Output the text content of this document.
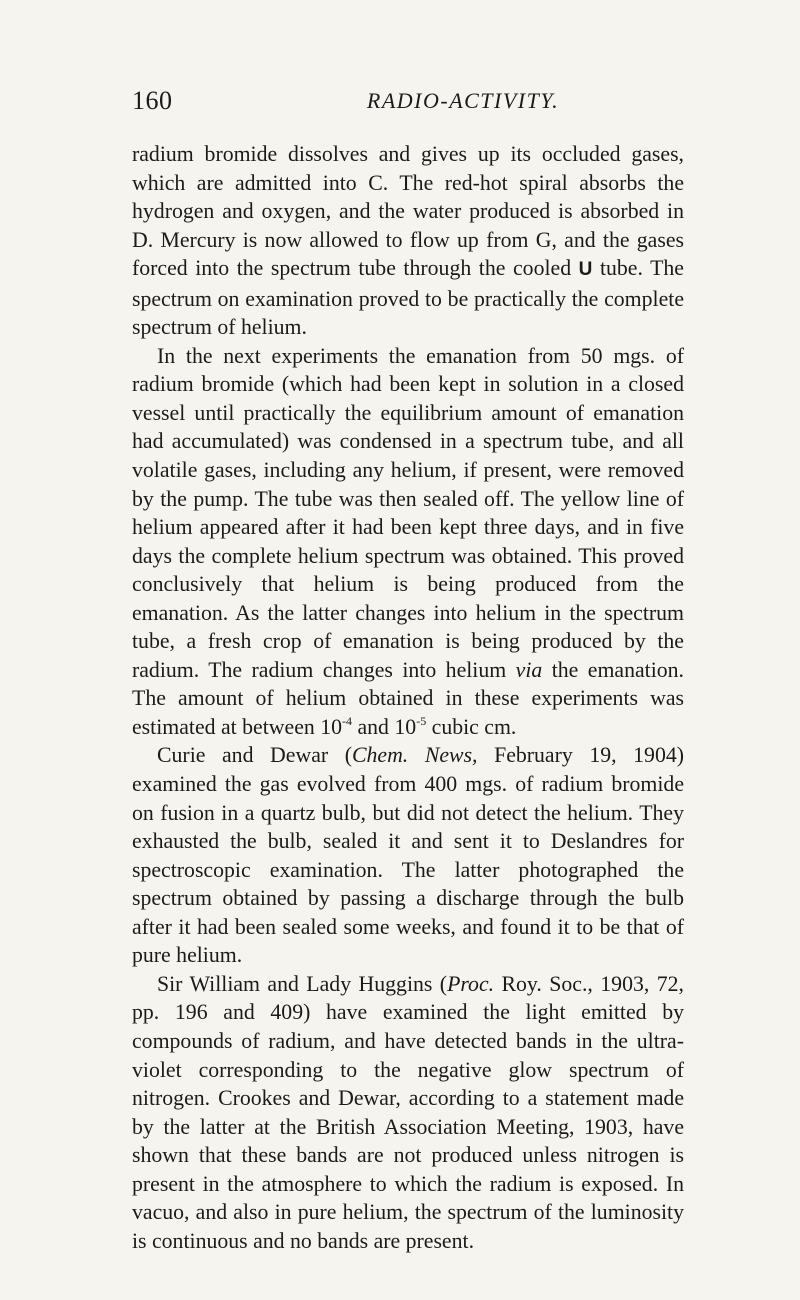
160	RADIO-ACTIVITY.

radium bromide dissolves and gives up its occluded gases, which are admitted into C. The red-hot spiral absorbs the hydrogen and oxygen, and the water produced is absorbed in D. Mercury is now allowed to flow up from G, and the gases forced into the spectrum tube through the cooled U tube. The spectrum on examination proved to be practically the complete spectrum of helium.

In the next experiments the emanation from 50 mgs. of radium bromide (which had been kept in solution in a closed vessel until practically the equilibrium amount of emanation had accumulated) was condensed in a spectrum tube, and all volatile gases, including any helium, if present, were removed by the pump. The tube was then sealed off. The yellow line of helium appeared after it had been kept three days, and in five days the complete helium spectrum was obtained. This proved conclusively that helium is being produced from the emanation. As the latter changes into helium in the spectrum tube, a fresh crop of emanation is being produced by the radium. The radium changes into helium via the emanation. The amount of helium obtained in these experiments was estimated at between $10^{-4}$ and $10^{-5}$ cubic cm.

Curie and Dewar (Chem. News, February 19, 1904) examined the gas evolved from 400 mgs. of radium bromide on fusion in a quartz bulb, but did not detect the helium. They exhausted the bulb, sealed it and sent it to Deslandres for spectroscopic examination. The latter photographed the spectrum obtained by passing a discharge through the bulb after it had been sealed some weeks, and found it to be that of pure helium.

Sir William and Lady Huggins (Proc. Roy. Soc., 1903, 72, pp. 196 and 409) have examined the light emitted by compounds of radium, and have detected bands in the ultra-violet corresponding to the negative glow spectrum of nitrogen. Crookes and Dewar, according to a statement made by the latter at the British Association Meeting, 1903, have shown that these bands are not produced unless nitrogen is present in the atmosphere to which the radium is exposed. In vacuo, and also in pure helium, the spectrum of the luminosity is continuous and no bands are present.
